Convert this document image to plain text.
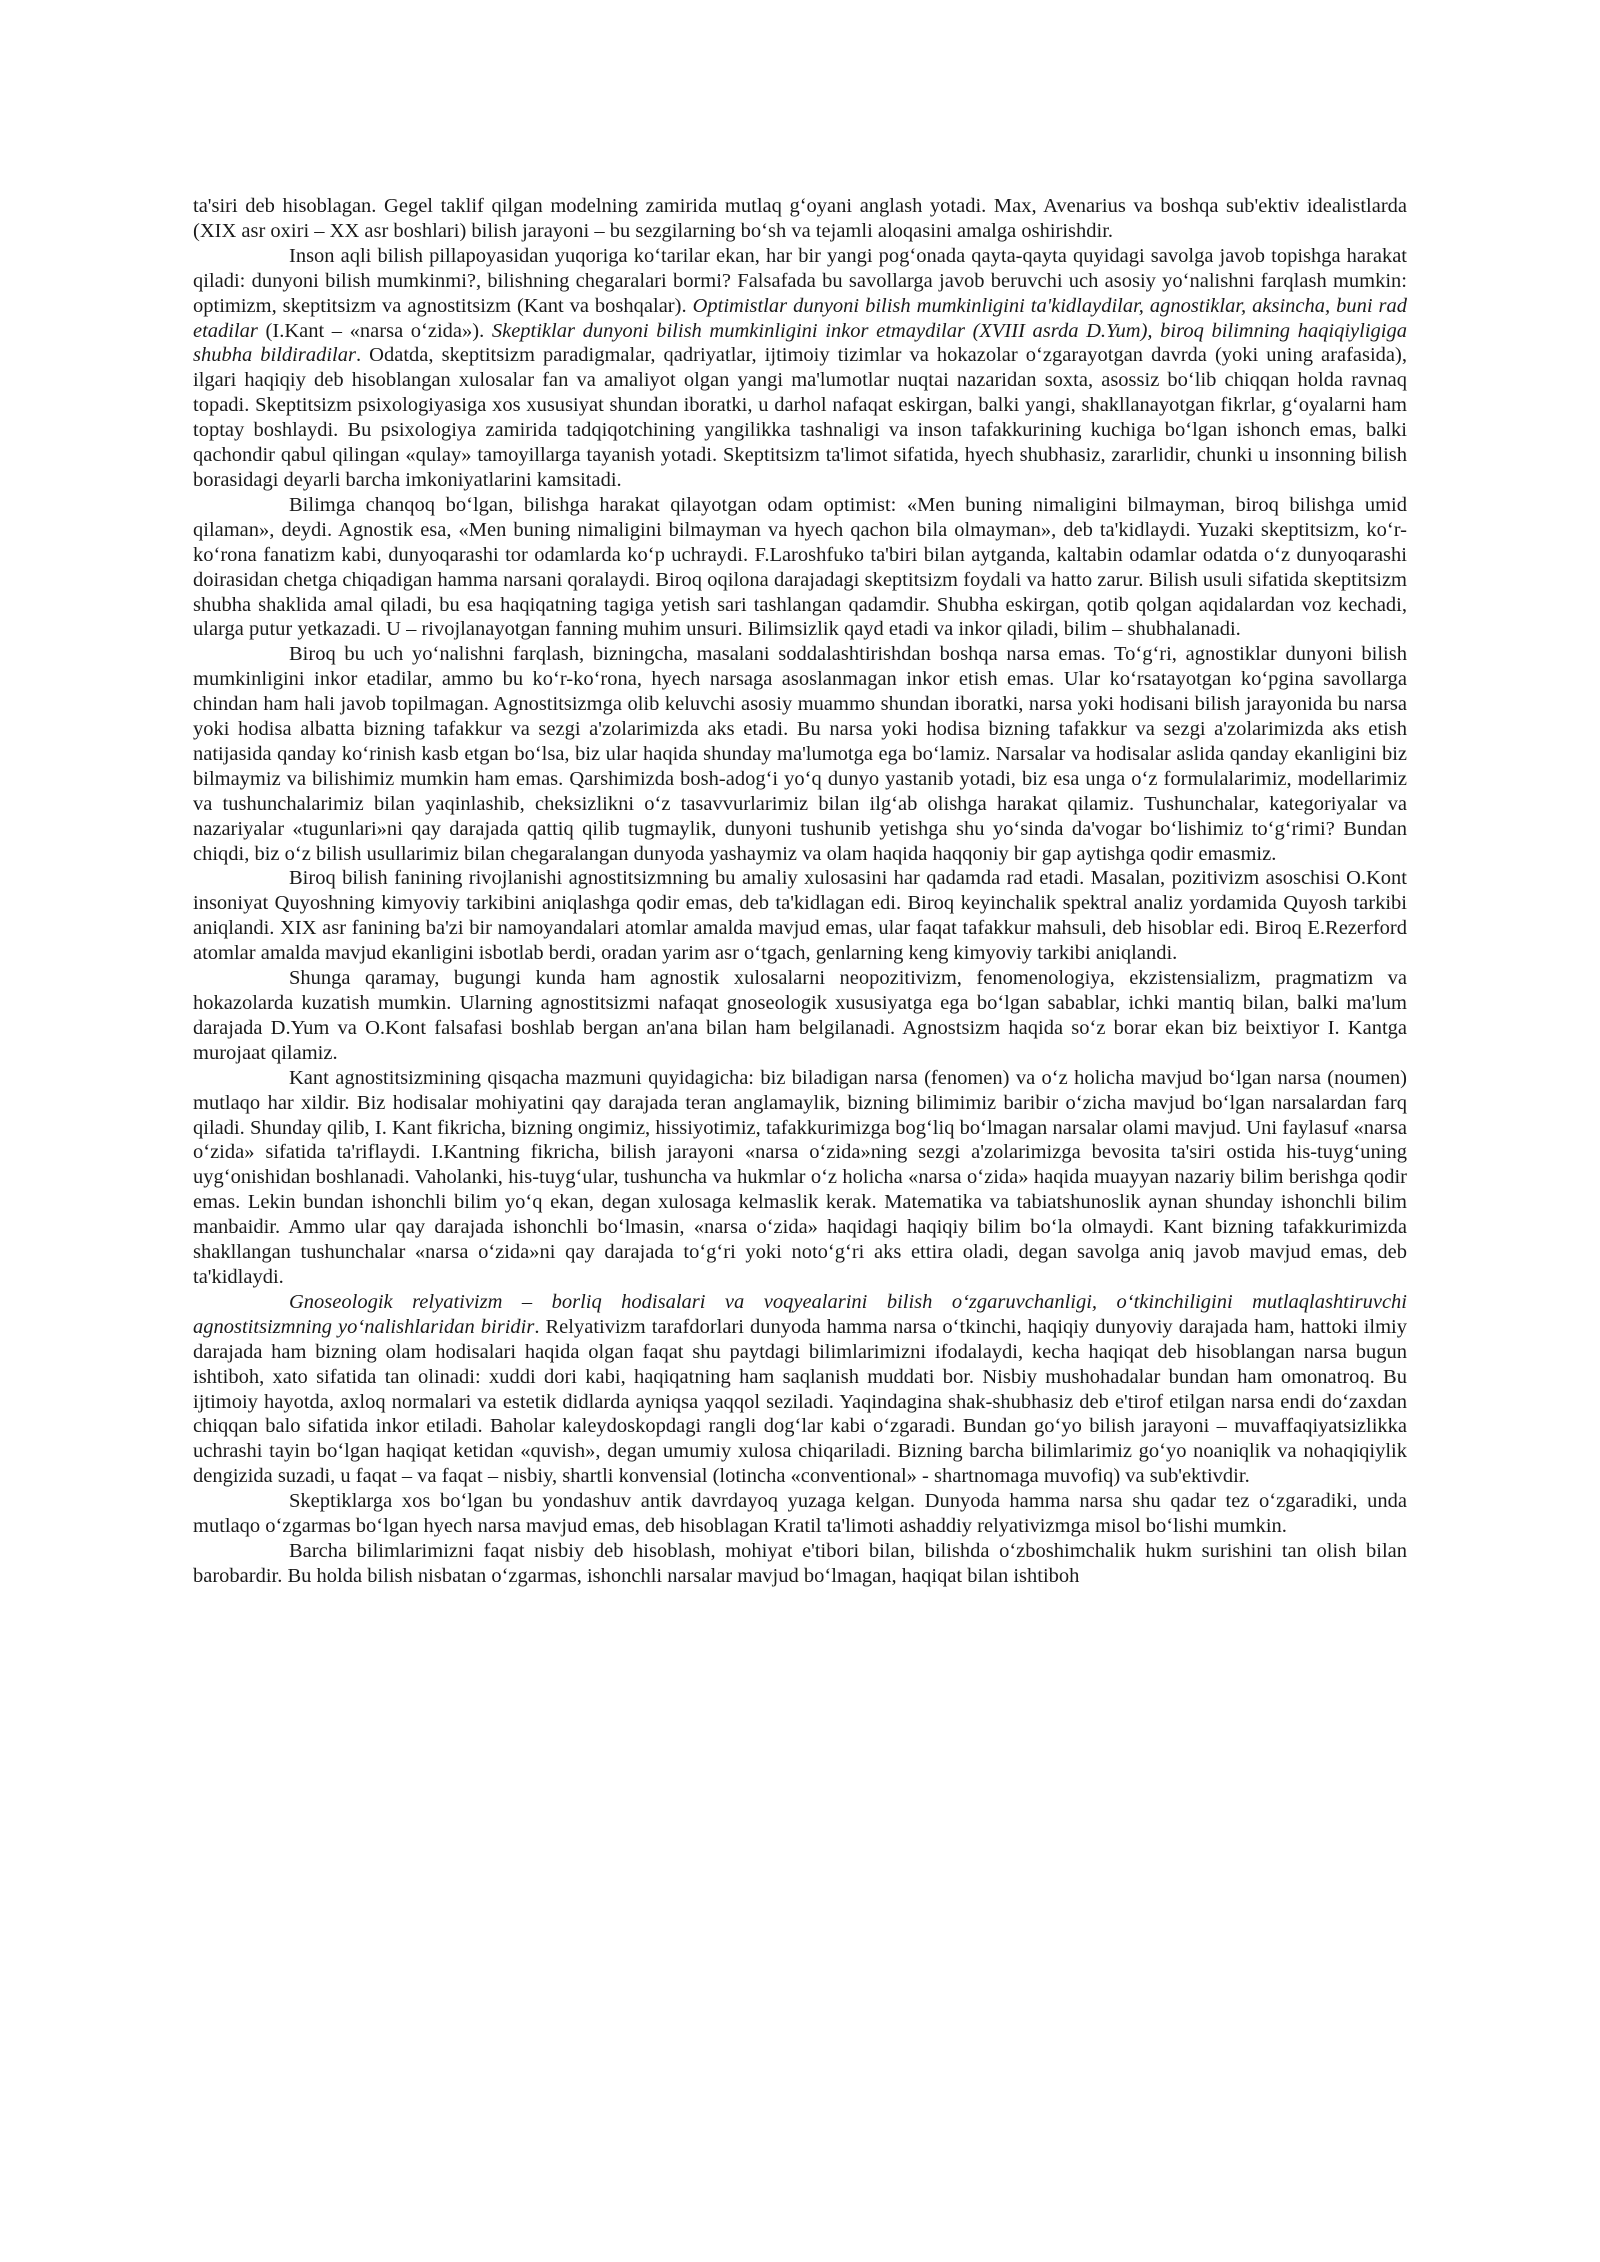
ta'siri deb hisoblagan. Gegel taklif qilgan modelning zamirida mutlaq g‘oyani anglash yotadi. Max, Avenarius va boshqa sub'ektiv idealistlarda (XIX asr oxiri – XX asr boshlari) bilish jarayoni – bu sezgilarning bo‘sh va tejamli aloqasini amalga oshirishdir.

Inson aqli bilish pillapoyasidan yuqoriga ko‘tarilar ekan, har bir yangi pog‘onada qayta-qayta quyidagi savolga javob topishga harakat qiladi: dunyoni bilish mumkinmi?, bilishning chegaralari bormi? Falsafada bu savollarga javob beruvchi uch asosiy yo‘nalishni farqlash mumkin: optimizm, skeptitsizm va agnostitsizm (Kant va boshqalar). Optimistlar dunyoni bilish mumkinligini ta'kidlaydilar, agnostiklar, aksincha, buni rad etadilar (I.Kant – «narsa o‘zida»). Skeptiklar dunyoni bilish mumkinligini inkor etmaydilar (XVIII asrda D.Yum), biroq bilimning haqiqiyligiga shubha bildiradilar. Odatda, skeptitsizm paradigmalar, qadriyatlar, ijtimoiy tizimlar va hokazolar o‘zgarayotgan davrda (yoki uning arafasida), ilgari haqiqiy deb hisoblangan xulosalar fan va amaliyot olgan yangi ma'lumotlar nuqtai nazaridan soxta, asossiz bo‘lib chiqqan holda ravnaq topadi. Skeptitsizm psixologiyasiga xos xususiyat shundan iboratki, u darhol nafaqat eskirgan, balki yangi, shakllanayotgan fikrlar, g‘oyalarni ham toptay boshlaydi. Bu psixologiya zamirida tadqiqotchining yangilikka tashnaligi va inson tafakkurining kuchiga bo‘lgan ishonch emas, balki qachondir qabul qilingan «qulay» tamoyillarga tayanish yotadi. Skeptitsizm ta'limot sifatida, hyech shubhasiz, zararlidir, chunki u insonning bilish borasidagi deyarli barcha imkoniyatlarini kamsitadi.

Bilimga chanqoq bo‘lgan, bilishga harakat qilayotgan odam optimist: «Men buning nimaligini bilmayman, biroq bilishga umid qilaman», deydi. Agnostik esa, «Men buning nimaligini bilmayman va hyech qachon bila olmayman», deb ta'kidlaydi. Yuzaki skeptitsizm, ko‘r-ko‘rona fanatizm kabi, dunyoqarashi tor odamlarda ko‘p uchraydi. F.Laroshfuko ta'biri bilan aytganda, kaltabin odamlar odatda o‘z dunyoqarashi doirasidan chetga chiqadigan hamma narsani qoralaydi. Biroq oqilona darajadagi skeptitsizm foydali va hatto zarur. Bilish usuli sifatida skeptitsizm shubha shaklida amal qiladi, bu esa haqiqatning tagiga yetish sari tashlangan qadamdir. Shubha eskirgan, qotib qolgan aqidalardan voz kechadi, ularga putur yetkazadi. U – rivojlanayotgan fanning muhim unsuri. Bilimsizlik qayd etadi va inkor qiladi, bilim – shubhalanadi.

Biroq bu uch yo‘nalishni farqlash, bizningcha, masalani soddalashtirishdan boshqa narsa emas. To‘g‘ri, agnostiklar dunyoni bilish mumkinligini inkor etadilar, ammo bu ko‘r-ko‘rona, hyech narsaga asoslanmagan inkor etish emas. Ular ko‘rsatayotgan ko‘pgina savollarga chindan ham hali javob topilmagan. Agnostitsizmga olib keluvchi asosiy muammo shundan iboratki, narsa yoki hodisani bilish jarayonida bu narsa yoki hodisa albatta bizning tafakkur va sezgi a'zolarimizda aks etadi. Bu narsa yoki hodisa bizning tafakkur va sezgi a'zolarimizda aks etish natijasida qanday ko‘rinish kasb etgan bo‘lsa, biz ular haqida shunday ma'lumotga ega bo‘lamiz. Narsalar va hodisalar aslida qanday ekanligini biz bilmaymiz va bilishimiz mumkin ham emas. Qarshimizda bosh-adog‘i yo‘q dunyo yastanib yotadi, biz esa unga o‘z formulalarimiz, modellarimiz va tushunchalarimiz bilan yaqinlashib, cheksizlikni o‘z tasavvurlarimiz bilan ilg‘ab olishga harakat qilamiz. Tushunchalar, kategoriyalar va nazariyalar «tugunlari»ni qay darajada qattiq qilib tugmaylik, dunyoni tushunib yetishga shu yo‘sinda da'vogar bo‘lishimiz to‘g‘rimi? Bundan chiqdi, biz o‘z bilish usullarimiz bilan chegaralangan dunyoda yashaymiz va olam haqida haqqoniy bir gap aytishga qodir emasmiz.

Biroq bilish fanining rivojlanishi agnostitsizmning bu amaliy xulosasini har qadamda rad etadi. Masalan, pozitivizm asoschisi O.Kont insoniyat Quyoshning kimyoviy tarkibini aniqlashga qodir emas, deb ta'kidlagan edi. Biroq keyinchalik spektral analiz yordamida Quyosh tarkibi aniqlandi. XIX asr fanining ba'zi bir namoyandalari atomlar amalda mavjud emas, ular faqat tafakkur mahsuli, deb hisoblar edi. Biroq E.Rezerford atomlar amalda mavjud ekanligini isbotlab berdi, oradan yarim asr o‘tgach, genlarning keng kimyoviy tarkibi aniqlandi.

Shunga qaramay, bugungi kunda ham agnostik xulosalarni neopozitivizm, fenomenologiya, ekzistensializm, pragmatizm va hokazolarda kuzatish mumkin. Ularning agnostitsizmi nafaqat gnoseologik xususiyatga ega bo‘lgan sabablar, ichki mantiq bilan, balki ma'lum darajada D.Yum va O.Kont falsafasi boshlab bergan an'ana bilan ham belgilanadi. Agnostsizm haqida so‘z borar ekan biz beixtiyor I. Kantga murojaat qilamiz.

Kant agnostitsizmining qisqacha mazmuni quyidagicha: biz biladigan narsa (fenomen) va o‘z holicha mavjud bo‘lgan narsa (noumen) mutlaqo har xildir. Biz hodisalar mohiyatini qay darajada teran anglamaylik, bizning bilimimiz baribir o‘zicha mavjud bo‘lgan narsalardan farq qiladi. Shunday qilib, I. Kant fikricha, bizning ongimiz, hissiyotimiz, tafakkurimizga bog‘liq bo‘lmagan narsalar olami mavjud. Uni faylasuf «narsa o‘zida» sifatida ta'riflaydi. I.Kantning fikricha, bilish jarayoni «narsa o‘zida»ning sezgi a'zolarimizga bevosita ta'siri ostida his-tuyg‘uning uyg‘onishidan boshlanadi. Vaholanki, his-tuyg‘ular, tushuncha va hukmlar o‘z holicha «narsa o‘zida» haqida muayyan nazariy bilim berishga qodir emas. Lekin bundan ishonchli bilim yo‘q ekan, degan xulosaga kelmaslik kerak. Matematika va tabiatshunoslik aynan shunday ishonchli bilim manbaidir. Ammo ular qay darajada ishonchli bo‘lmasin, «narsa o‘zida» haqidagi haqiqiy bilim bo‘la olmaydi. Kant bizning tafakkurimizda shakllangan tushunchalar «narsa o‘zida»ni qay darajada to‘g‘ri yoki noto‘g‘ri aks ettira oladi, degan savolga aniq javob mavjud emas, deb ta'kidlaydi.

Gnoseologik relyativizm – borliq hodisalari va voqyealarini bilish o‘zgaruvchanligi, o‘tkinchiligini mutlaqlashtiruvchi agnostitsizmning yo‘nalishlaridan biridir. Relyativizm tarafdorlari dunyoda hamma narsa o‘tkinchi, haqiqiy dunyoviy darajada ham, hattoki ilmiy darajada ham bizning olam hodisalari haqida olgan faqat shu paytdagi bilimlarimizni ifodalaydi, kecha haqiqat deb hisoblangan narsa bugun ishtiboh, xato sifatida tan olinadi: xuddi dori kabi, haqiqatning ham saqlanish muddati bor. Nisbiy mushohadalar bundan ham omonatroq. Bu ijtimoiy hayotda, axloq normalari va estetik didlarda ayniqsa yaqqol seziladi. Yaqindagina shak-shubhasiz deb e'tirof etilgan narsa endi do‘zaxdan chiqqan balo sifatida inkor etiladi. Baholar kaleydoskopdagi rangli dog‘lar kabi o‘zgaradi. Bundan go‘yo bilish jarayoni – muvaffaqiyatsizlikka uchrashi tayin bo‘lgan haqiqat ketidan «quvish», degan umumiy xulosa chiqariladi. Bizning barcha bilimlarimiz go‘yo noaniqlik va nohaqiqiylik dengizida suzadi, u faqat – va faqat – nisbiy, shartli konvensial (lotincha «conventional» - shartnomaga muvofiq) va sub'ektivdir.

Skeptiklarga xos bo‘lgan bu yondashuv antik davrdayoq yuzaga kelgan. Dunyoda hamma narsa shu qadar tez o‘zgaradiki, unda mutlaqo o‘zgarmas bo‘lgan hyech narsa mavjud emas, deb hisoblagan Kratil ta'limoti ashaddiy relyativizmga misol bo‘lishi mumkin.

Barcha bilimlarimizni faqat nisbiy deb hisoblash, mohiyat e'tibori bilan, bilishda o‘zboshimchalik hukm surishini tan olish bilan barobardir. Bu holda bilish nisbatan o‘zgarmas, ishonchli narsalar mavjud bo‘lmagan, haqiqat bilan ishtiboh
